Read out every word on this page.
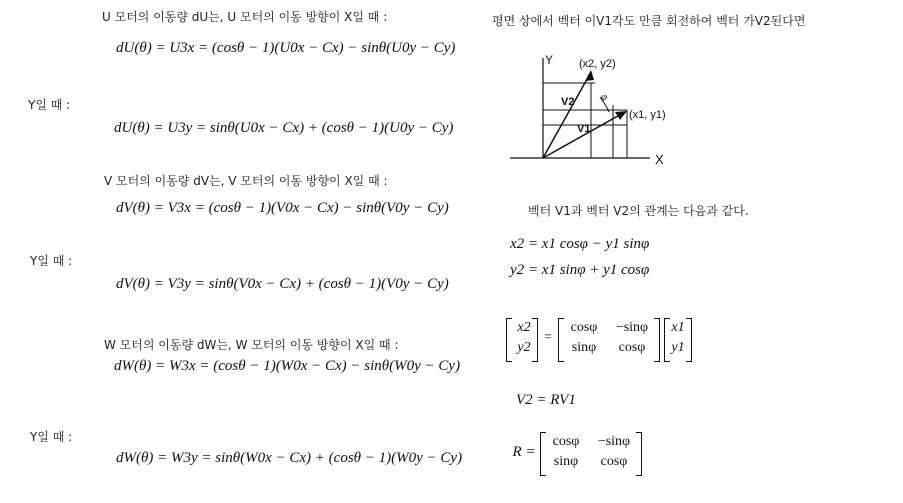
U 모터의 이동량 dU는, U 모터의 이동 방향이 X일 때 :
dU(θ) = U3x = (cosθ − 1)(U0x − Cx) − sinθ(U0y − Cy)
Y일 때 :
dU(θ) = U3y = sinθ(U0x − Cx) + (cosθ − 1)(U0y − Cy)
V 모터의 이동량 dV는, V 모터의 이동 방향이 X일 때 :
dV(θ) = V3x = (cosθ − 1)(V0x − Cx) − sinθ(V0y − Cy)
Y일 때 :
dV(θ) = V3y = sinθ(V0x − Cx) + (cosθ − 1)(V0y − Cy)
W 모터의 이동량 dW는, W 모터의 이동 방향이 X일 때 :
dW(θ) = W3x = (cosθ − 1)(W0x − Cx) − sinθ(W0y − Cy)
Y일 때 :
dW(θ) = W3y = sinθ(W0x − Cx) + (cosθ − 1)(W0y − Cy)
평면 상에서 벡터 이V1각도 만큼 회전하여 벡터 가V2된다면
Y
X
(x2, y2)
(x1, y1)
V2
V1
φ
벡터 V1과 벡터 V2의 관계는 다음과 같다.
x2 = x1 cosφ − y1 sinφ
y2 = x1 sinφ + y1 cosφ
x2
y2
=
cosφ	−sinφ
sinφ	cosφ
x1
y1
V2 = RV1
R =
cosφ	−sinφ
sinφ	cosφ
